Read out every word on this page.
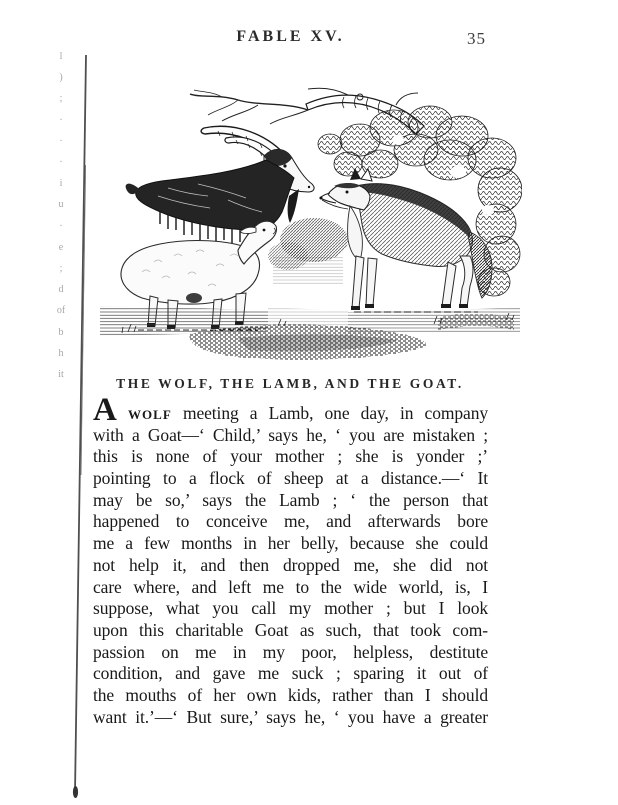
l
)
;
·
·
·
i
u
·
e
;
d
of
b
h
it
FABLE XV.	35
THE WOLF, THE LAMB, AND THE GOAT.
A WOLF meeting a Lamb, one day, in company
with a Goat—‘ Child,’ says he, ‘ you are mistaken ;
this is none of your mother ; she is yonder ;’
pointing to a flock of sheep at a distance.—‘ It
may be so,’ says the Lamb ; ‘ the person that
happened to conceive me, and afterwards bore
me a few months in her belly, because she could
not help it, and then dropped me, she did not
care where, and left me to the wide world, is, I
suppose, what you call my mother ; but I look
upon this charitable Goat as such, that took com-
passion on me in my poor, helpless, destitute
condition, and gave me suck ; sparing it out of
the mouths of her own kids, rather than I should
want it.’—‘ But sure,’ says he, ‘ you have a greater
